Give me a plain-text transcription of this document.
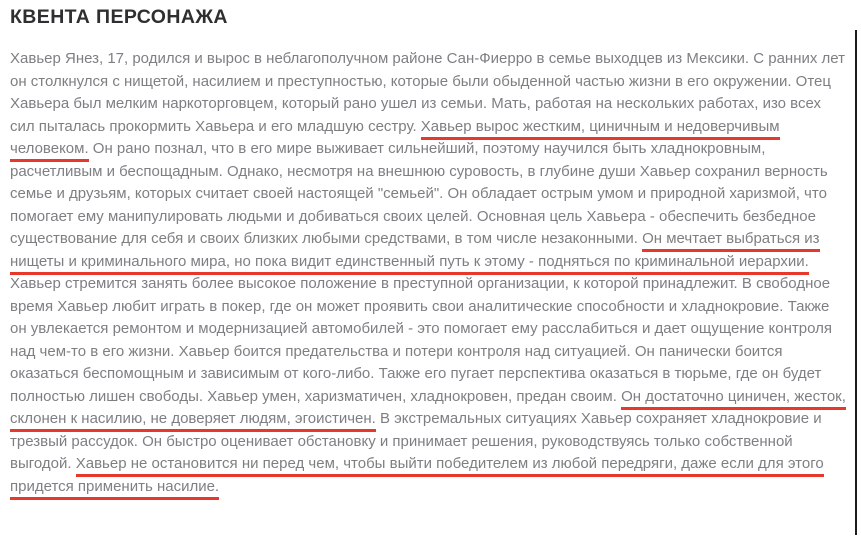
КВЕНТА ПЕРСОНАЖА

Хавьер Янез, 17, родился и вырос в неблагополучном районе Сан-Фиерро в семье выходцев из Мексики. С ранних лет он столкнулся с нищетой, насилием и преступностью, которые были обыденной частью жизни в его окружении. Отец Хавьера был мелким наркоторговцем, который рано ушел из семьи. Мать, работая на нескольких работах, изо всех сил пыталась прокормить Хавьера и его младшую сестру. Хавьер вырос жестким, циничным и недоверчивым человеком. Он рано познал, что в его мире выживает сильнейший, поэтому научился быть хладнокровным, расчетливым и беспощадным. Однако, несмотря на внешнюю суровость, в глубине души Хавьер сохранил верность семье и друзьям, которых считает своей настоящей "семьей". Он обладает острым умом и природной харизмой, что помогает ему манипулировать людьми и добиваться своих целей. Основная цель Хавьера - обеспечить безбедное существование для себя и своих близких любыми средствами, в том числе незаконными. Он мечтает выбраться из нищеты и криминального мира, но пока видит единственный путь к этому - подняться по криминальной иерархии. Хавьер стремится занять более высокое положение в преступной организации, к которой принадлежит. В свободное время Хавьер любит играть в покер, где он может проявить свои аналитические способности и хладнокровие. Также он увлекается ремонтом и модернизацией автомобилей - это помогает ему расслабиться и дает ощущение контроля над чем-то в его жизни. Хавьер боится предательства и потери контроля над ситуацией. Он панически боится оказаться беспомощным и зависимым от кого-либо. Также его пугает перспектива оказаться в тюрьме, где он будет полностью лишен свободы. Хавьер умен, харизматичен, хладнокровен, предан своим. Он достаточно циничен, жесток, склонен к насилию, не доверяет людям, эгоистичен. В экстремальных ситуациях Хавьер сохраняет хладнокровие и трезвый рассудок. Он быстро оценивает обстановку и принимает решения, руководствуясь только собственной выгодой. Хавьер не остановится ни перед чем, чтобы выйти победителем из любой передряги, даже если для этого придется применить насилие.
